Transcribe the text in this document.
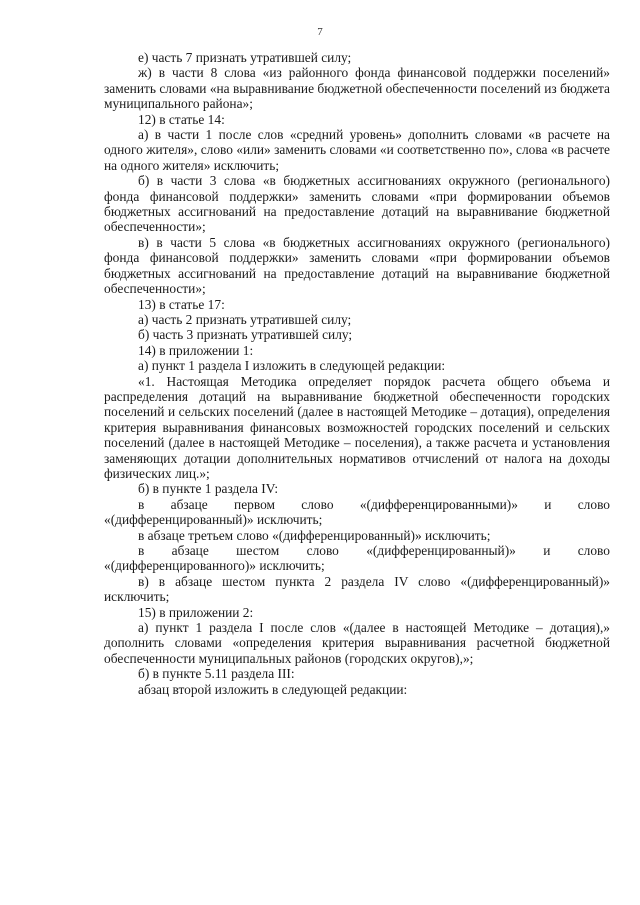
7

е) часть 7 признать утратившей силу;

ж) в части 8 слова «из районного фонда финансовой поддержки поселений» заменить словами «на выравнивание бюджетной обеспеченности поселений из бюджета муниципального района»;

12) в статье 14:

а) в части 1 после слов «средний уровень» дополнить словами «в расчете на одного жителя», слово «или» заменить словами «и соответственно по», слова «в расчете на одного жителя» исключить;

б) в части 3 слова «в бюджетных ассигнованиях окружного (регионального) фонда финансовой поддержки» заменить словами «при формировании объемов бюджетных ассигнований на предоставление дотаций на выравнивание бюджетной обеспеченности»;

в) в части 5 слова «в бюджетных ассигнованиях окружного (регионального) фонда финансовой поддержки» заменить словами «при формировании объемов бюджетных ассигнований на предоставление дотаций на выравнивание бюджетной обеспеченности»;

13) в статье 17:

а) часть 2 признать утратившей силу;

б) часть 3 признать утратившей силу;

14) в приложении 1:

а) пункт 1 раздела I изложить в следующей редакции:

«1. Настоящая Методика определяет порядок расчета общего объема и распределения дотаций на выравнивание бюджетной обеспеченности городских поселений и сельских поселений (далее в настоящей Методике – дотация), определения критерия выравнивания финансовых возможностей городских поселений и сельских поселений (далее в настоящей Методике – поселения), а также расчета и установления заменяющих дотации дополнительных нормативов отчислений от налога на доходы физических лиц.»;

б) в пункте 1 раздела IV:

в абзаце первом слово «(дифференцированными)» и слово «(дифференцированный)» исключить;

в абзаце третьем слово «(дифференцированный)» исключить;

в абзаце шестом слово «(дифференцированный)» и слово «(дифференцированного)» исключить;

в) в абзаце шестом пункта 2 раздела IV слово «(дифференцированный)» исключить;

15) в приложении 2:

а) пункт 1 раздела I после слов «(далее в настоящей Методике – дотация),» дополнить словами «определения критерия выравнивания расчетной бюджетной обеспеченности муниципальных районов (городских округов),»;

б) в пункте 5.11 раздела III:

абзац второй изложить в следующей редакции:
